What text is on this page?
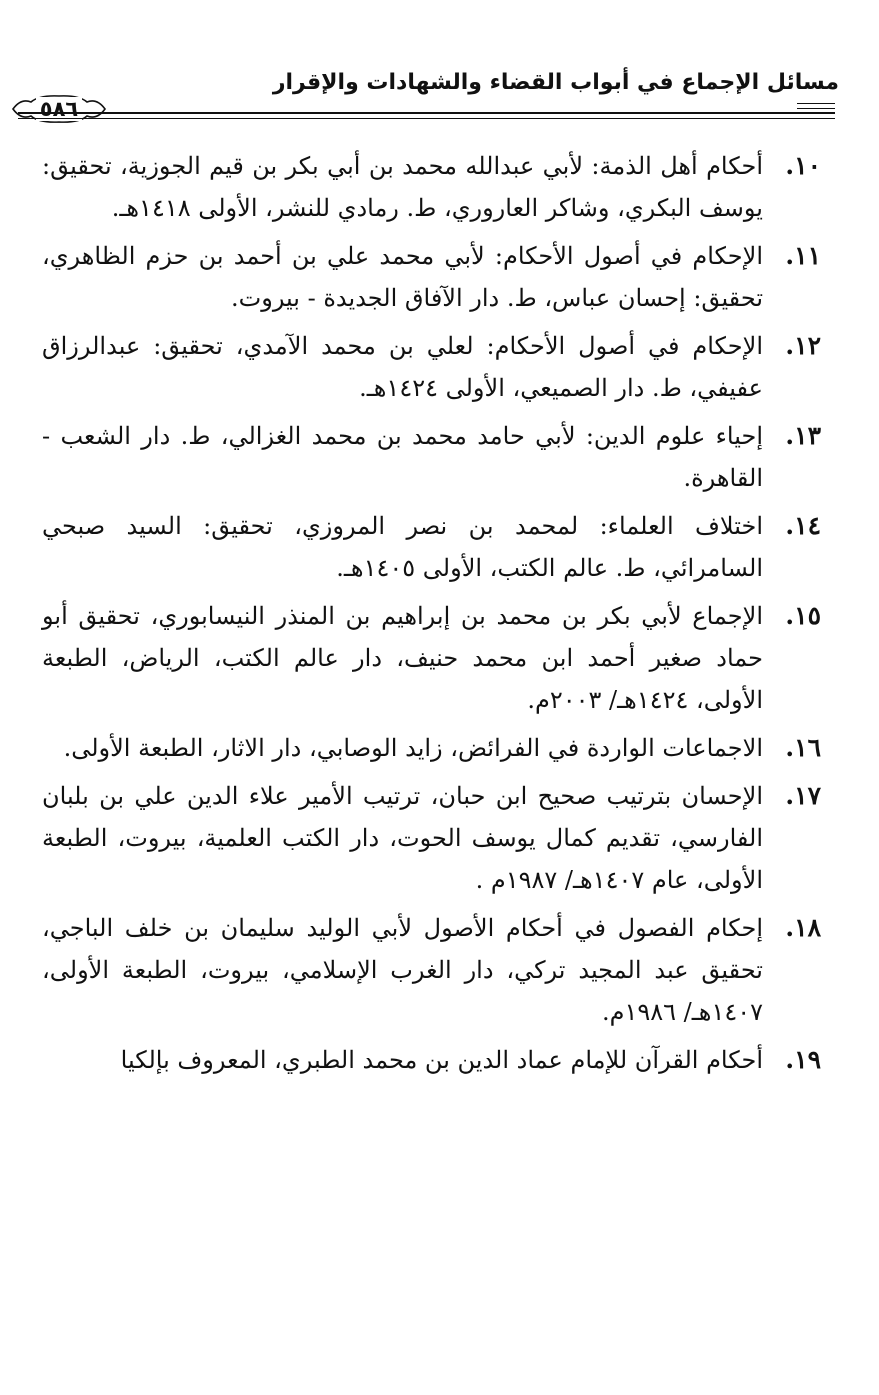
مسائل الإجماع في أبواب القضاء والشهادات والإقرار
٥٨٦
١٠.
أحكام أهل الذمة: لأبي عبدالله محمد بن أبي بكر بن قيم الجوزية، تحقيق: يوسف البكري، وشاكر العاروري، ط. رمادي للنشر، الأولى ١٤١٨هـ.
١١.
الإحكام في أصول الأحكام: لأبي محمد علي بن أحمد بن حزم الظاهري، تحقيق: إحسان عباس، ط. دار الآفاق الجديدة - بيروت.
١٢.
الإحكام في أصول الأحكام: لعلي بن محمد الآمدي، تحقيق: عبدالرزاق عفيفي، ط. دار الصميعي، الأولى ١٤٢٤هـ.
١٣.
إحياء علوم الدين: لأبي حامد محمد بن محمد الغزالي، ط. دار الشعب - القاهرة.
١٤.
اختلاف العلماء: لمحمد بن نصر المروزي، تحقيق: السيد صبحي السامرائي، ط. عالم الكتب، الأولى ١٤٠٥هـ.
١٥.
الإجماع لأبي بكر بن محمد بن إبراهيم بن المنذر النيسابوري، تحقيق أبو حماد صغير أحمد ابن محمد حنيف، دار عالم الكتب، الرياض، الطبعة الأولى، ١٤٢٤هـ/ ٢٠٠٣م.
١٦.
الاجماعات الواردة في الفرائض، زايد الوصابي، دار الاثار، الطبعة الأولى.
١٧.
الإحسان بترتيب صحيح ابن حبان، ترتيب الأمير علاء الدين علي بن بلبان الفارسي، تقديم كمال يوسف الحوت، دار الكتب العلمية، بيروت، الطبعة الأولى، عام ١٤٠٧هـ/ ١٩٨٧م .
١٨.
إحكام الفصول في أحكام الأصول لأبي الوليد سليمان بن خلف الباجي، تحقيق عبد المجيد تركي، دار الغرب الإسلامي، بيروت، الطبعة الأولى، ١٤٠٧هـ/ ١٩٨٦م.
١٩.
أحكام القرآن للإمام عماد الدين بن محمد الطبري، المعروف بإلكيا
